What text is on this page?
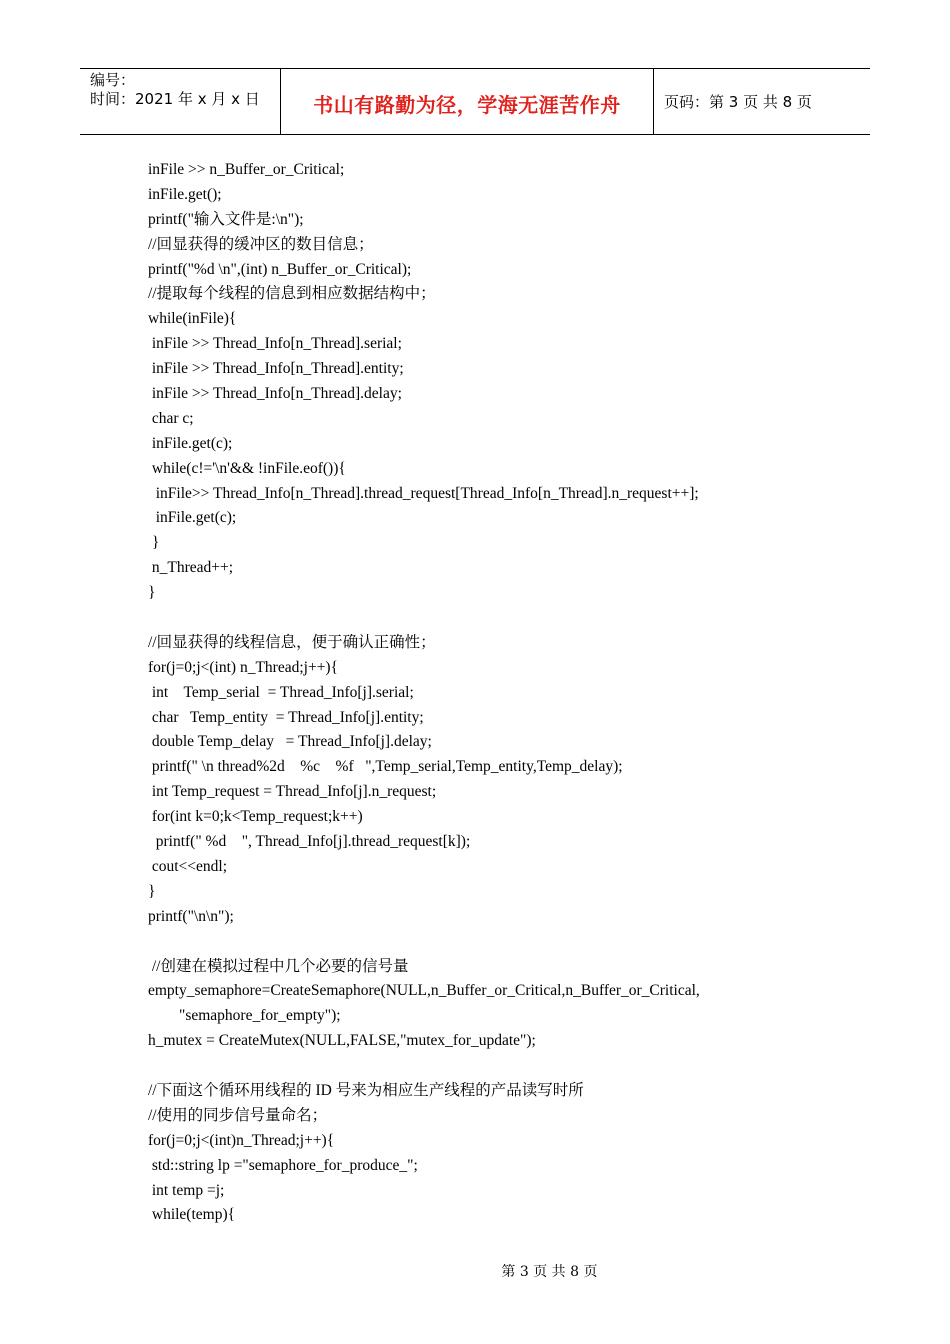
编号：
时间：2021 年 x 月 x 日	书山有路勤为径，学海无涯苦作舟	页码：第 3 页 共 8 页
inFile >> n_Buffer_or_Critical;
inFile.get();
printf("输入文件是:\n");
//回显获得的缓冲区的数目信息；
printf("%d \n",(int) n_Buffer_or_Critical);
//提取每个线程的信息到相应数据结构中；
while(inFile){
inFile >> Thread_Info[n_Thread].serial;
inFile >> Thread_Info[n_Thread].entity;
inFile >> Thread_Info[n_Thread].delay;
char c;
inFile.get(c);
while(c!='\n'&& !inFile.eof()){
inFile>> Thread_Info[n_Thread].thread_request[Thread_Info[n_Thread].n_request++];
inFile.get(c);
}
n_Thread++;
}
//回显获得的线程信息，便于确认正确性；
for(j=0;j<(int) n_Thread;j++){
int    Temp_serial  = Thread_Info[j].serial;
char   Temp_entity  = Thread_Info[j].entity;
double Temp_delay   = Thread_Info[j].delay;
printf(" \n thread%2d    %c    %f   ",Temp_serial,Temp_entity,Temp_delay);
int Temp_request = Thread_Info[j].n_request;
for(int k=0;k<Temp_request;k++)
printf(" %d    ", Thread_Info[j].thread_request[k]);
cout<<endl;
}
printf("\n\n");
//创建在模拟过程中几个必要的信号量
empty_semaphore=CreateSemaphore(NULL,n_Buffer_or_Critical,n_Buffer_or_Critical,
"semaphore_for_empty");
h_mutex = CreateMutex(NULL,FALSE,"mutex_for_update");
//下面这个循环用线程的 ID 号来为相应生产线程的产品读写时所
//使用的同步信号量命名；
for(j=0;j<(int)n_Thread;j++){
std::string lp ="semaphore_for_produce_";
int temp =j;
while(temp){

第 3 页 共 8 页
